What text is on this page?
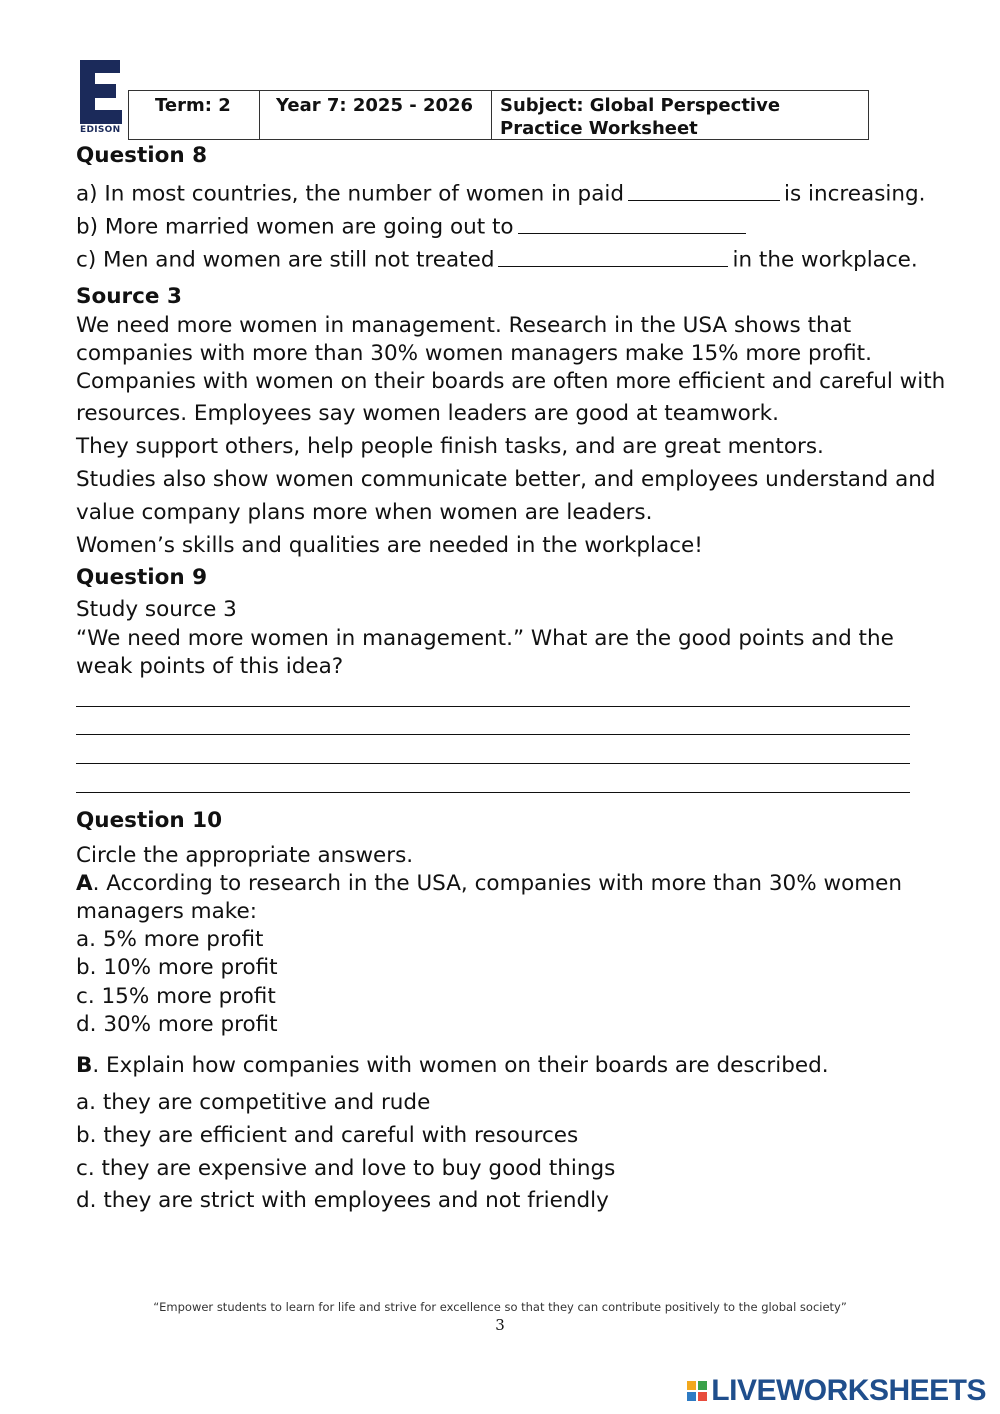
EDISON
Term: 2	Year 7: 2025 - 2026	Subject: Global Perspective
Practice Worksheet
Question 8
a) In most countries, the number of women in paid	is increasing.
b) More married women are going out to
c) Men and women are still not treated	in the workplace.
Source 3
We need more women in management. Research in the USA shows that
companies with more than 30% women managers make 15% more profit.
Companies with women on their boards are often more efficient and careful with
resources. Employees say women leaders are good at teamwork.
They support others, help people finish tasks, and are great mentors.
Studies also show women communicate better, and employees understand and
value company plans more when women are leaders.
Women’s skills and qualities are needed in the workplace!
Question 9
Study source 3
“We need more women in management.” What are the good points and the
weak points of this idea?
Question 10
Circle the appropriate answers.
A. According to research in the USA, companies with more than 30% women
managers make:
a. 5% more profit
b. 10% more profit
c. 15% more profit
d. 30% more profit
B. Explain how companies with women on their boards are described.
a. they are competitive and rude
b. they are efficient and careful with resources
c. they are expensive and love to buy good things
d. they are strict with employees and not friendly
“Empower students to learn for life and strive for excellence so that they can contribute positively to the global society”
3
LIVEWORKSHEETS
